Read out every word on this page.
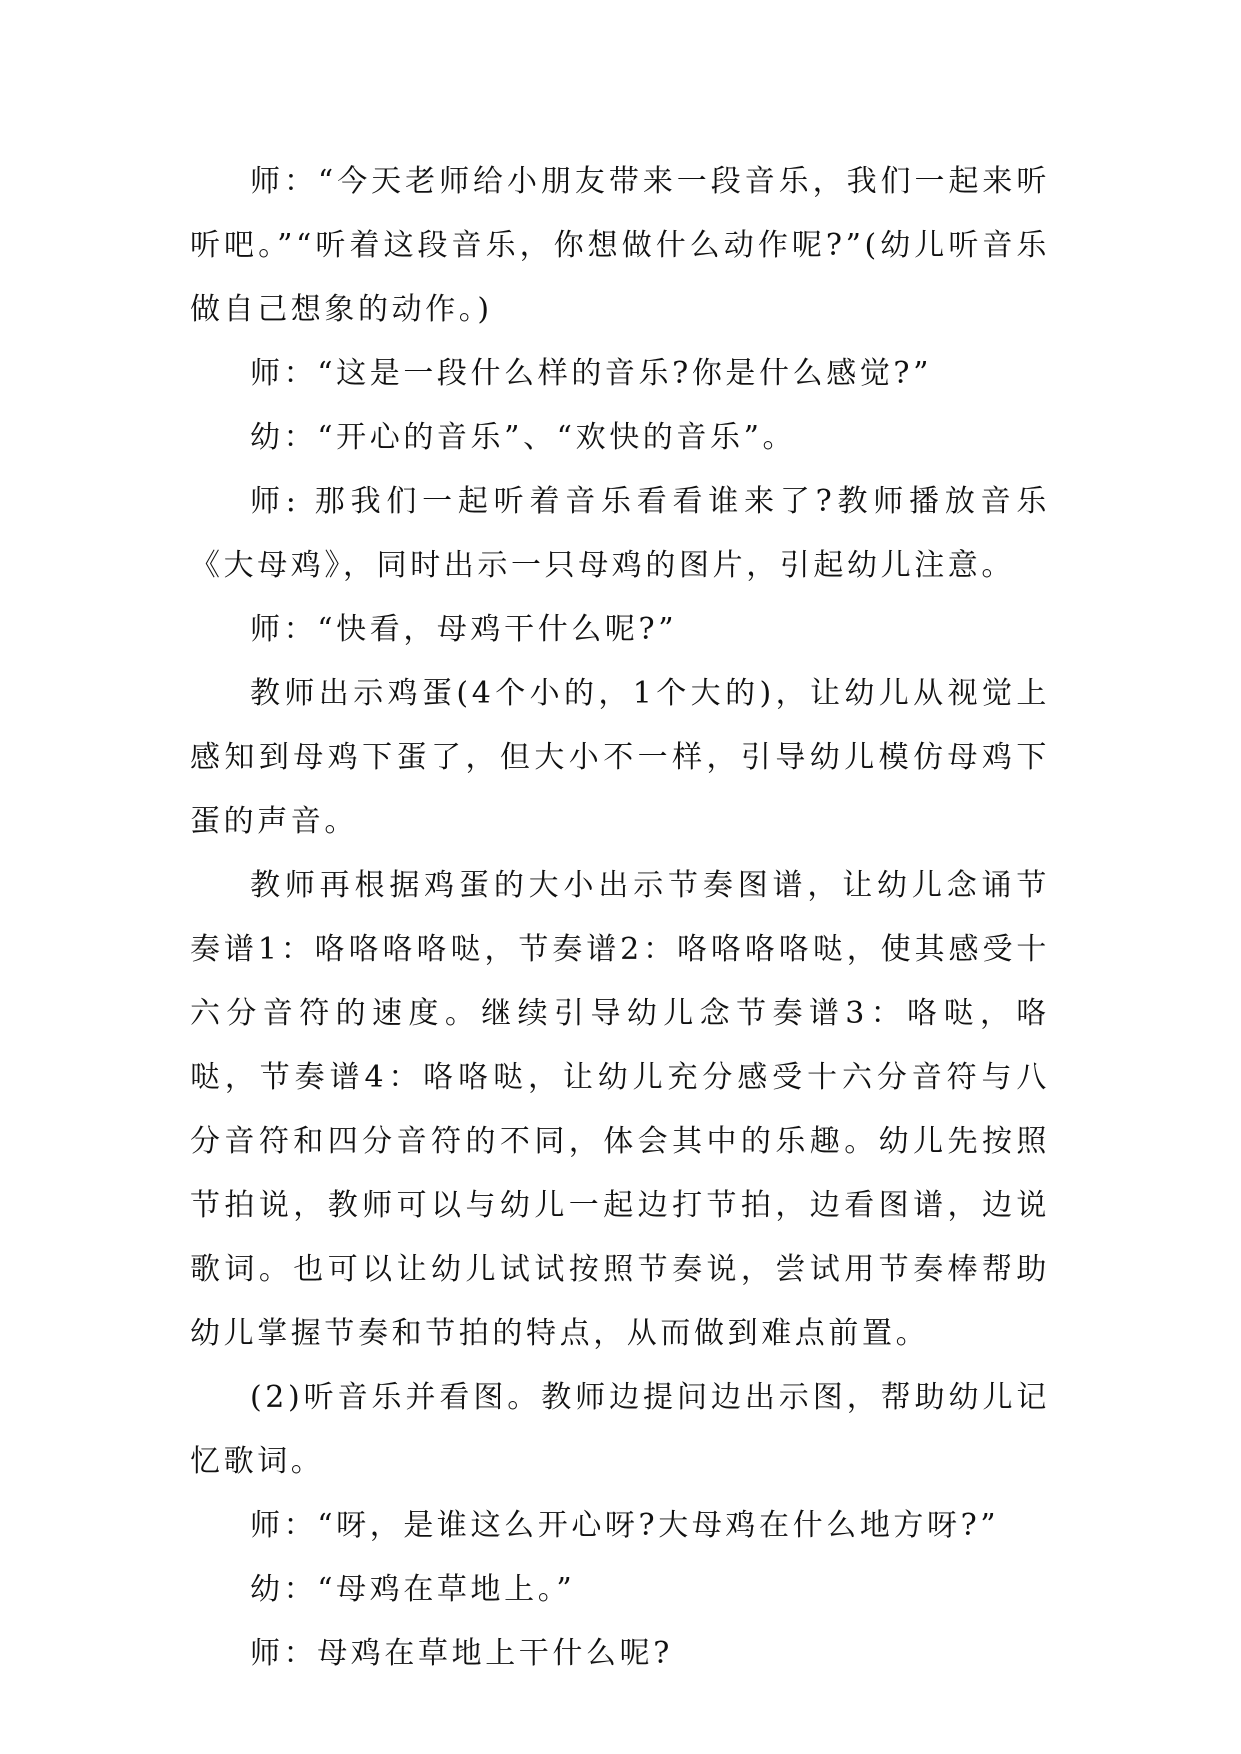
师：“今天老师给小朋友带来一段音乐，我们一起来听听吧。”“听着这段音乐，你想做什么动作呢?”(幼儿听音乐做自己想象的动作。)

师：“这是一段什么样的音乐?你是什么感觉?”

幼：“开心的音乐”、“欢快的音乐”。

师: 那我们一起听着音乐看看谁来了?教师播放音乐《大母鸡》，同时出示一只母鸡的图片，引起幼儿注意。

师：“快看，母鸡干什么呢?”

教师出示鸡蛋(4个小的，1个大的)，让幼儿从视觉上感知到母鸡下蛋了，但大小不一样，引导幼儿模仿母鸡下蛋的声音。

教师再根据鸡蛋的大小出示节奏图谱，让幼儿念诵节奏谱1：咯咯咯咯哒，节奏谱2：咯咯咯咯哒，使其感受十六分音符的速度。继续引导幼儿念节奏谱3：咯哒，咯哒，节奏谱4：咯咯哒，让幼儿充分感受十六分音符与八分音符和四分音符的不同，体会其中的乐趣。幼儿先按照节拍说，教师可以与幼儿一起边打节拍，边看图谱，边说歌词。也可以让幼儿试试按照节奏说，尝试用节奏棒帮助幼儿掌握节奏和节拍的特点，从而做到难点前置。

(2)听音乐并看图。教师边提问边出示图，帮助幼儿记忆歌词。

师：“呀，是谁这么开心呀?大母鸡在什么地方呀?”

幼：“母鸡在草地上。”

师：母鸡在草地上干什么呢?
